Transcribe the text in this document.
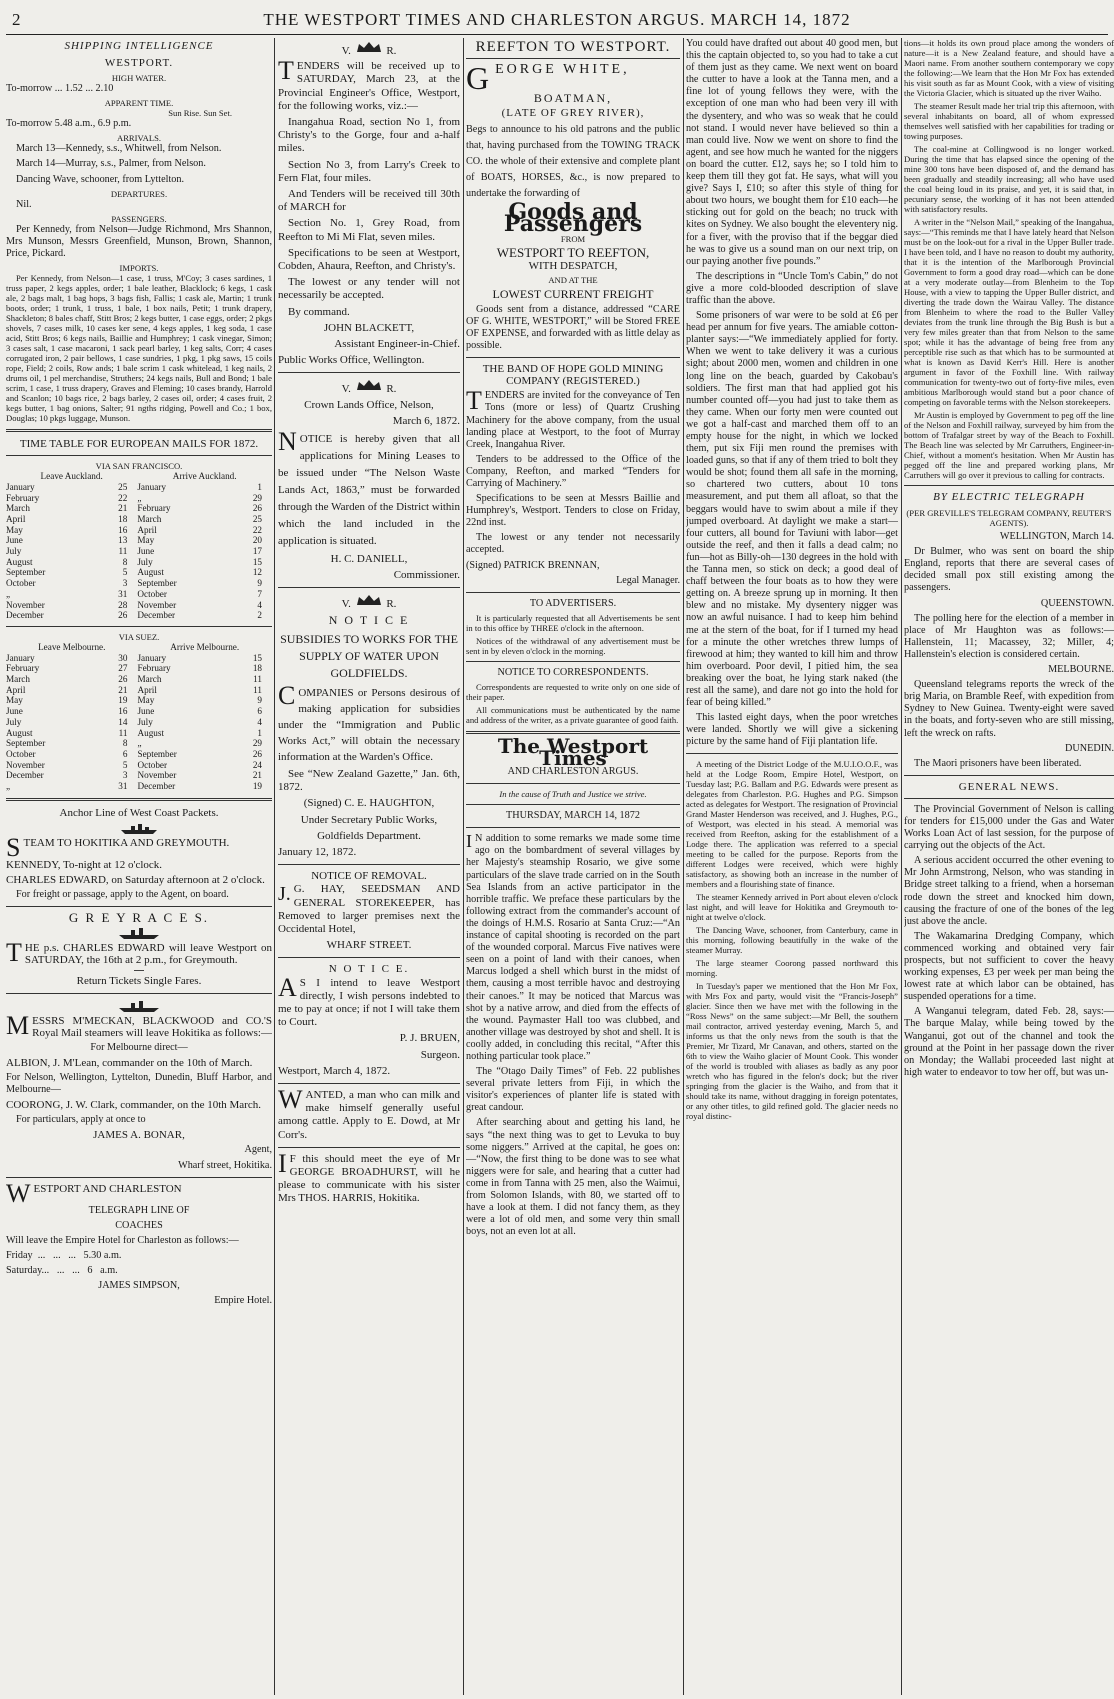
2	THE WESTPORT TIMES AND CHARLESTON ARGUS. MARCH 14, 1872
SHIPPING INTELLIGENCE
WESTPORT.
HIGH WATER.

To-morrow ... 1.52 ... 2.10

APPARENT TIME.
Sun Rise. Sun Set.

To-morrow 5.48 a.m., 6.9 p.m.

ARRIVALS.

March 13—Kennedy, s.s., Whitwell, from Nelson.

March 14—Murray, s.s., Palmer, from Nelson.

Dancing Wave, schooner, from Lyttelton.

DEPARTURES.

Nil.

PASSENGERS.

Per Kennedy, from Nelson—Judge Richmond, Mrs Shannon, Mrs Munson, Messrs Greenfield, Munson, Brown, Shannon, Price, Pickard.

IMPORTS.

Per Kennedy, from Nelson—1 case, 1 truss, M'Coy; 3 cases sardines, 1 truss paper, 2 kegs apples, order; 1 bale leather, Blacklock; 6 kegs, 1 cask ale, 2 bags malt, 1 bag hops, 3 bags fish, Fallis; 1 cask ale, Martin; 1 trunk boots, order; 1 trunk, 1 truss, 1 bale, 1 box nails, Petit; 1 trunk drapery, Shackleton; 8 bales chaff, Stitt Bros; 2 kegs butter, 1 case eggs, order; 2 pkgs shovels, 7 cases milk, 10 cases ker sene, 4 kegs apples, 1 keg soda, 1 case acid, Stitt Bros; 6 kegs nails, Baillie and Humphrey; 1 cask vinegar, Simon; 3 cases salt, 1 case macaroni, 1 sack pearl barley, 1 keg salts, Corr; 4 cases corrugated iron, 2 pair bellows, 1 case sundries, 1 pkg, 1 pkg saws, 15 coils rope, Field; 2 coils, Row ands; 1 bale scrim 1 cask whitelead, 1 keg nails, 2 drums oil, 1 pel merchandise, Struthers; 24 kegs nails, Bull and Bond; 1 bale scrim, 1 case, 1 truss drapery, Graves and Fleming; 10 cases brandy, Harrold and Scanlon; 10 bags rice, 2 bags barley, 2 cases oil, order; 4 cases fruit, 2 kegs butter, 1 bag onions, Salter; 91 ngths ridging, Powell and Co.; 1 box, Douglas; 10 pkgs luggage, Munson.

TIME TABLE FOR EUROPEAN MAILS FOR 1872.
VIA SAN FRANCISCO.
Leave Auckland.		Arrive Auckland.	
January	25	January	1
February	22	„	29
March	21	February	26
April	18	March	25
May	16	April	22
June	13	May	20
July	11	June	17
August	8	July	15
September	5	August	12
October	3	September	9
„	31	October	7
November	28	November	4
December	26	December	2
VIA SUEZ.
Leave Melbourne.		Arrive Melbourne.	
January	30	January	15
February	27	February	18
March	26	March	11
April	21	April	11
May	19	May	9
June	16	June	6
July	14	July	4
August	11	August	1
September	8	„	29
October	6	September	26
November	5	October	24
December	3	November	21
„	31	December	19
Anchor Line of West Coast Packets.

STEAM TO HOKITIKA AND GREYMOUTH.

KENNEDY, To-night at 12 o'clock.

CHARLES EDWARD, on Saturday afternoon at 2 o'clock.

For freight or passage, apply to the Agent, on board.

G R E Y R A C E S.

THE p.s. CHARLES EDWARD will leave Westport on SATURDAY, the 16th at 2 p.m., for Greymouth.

Return Tickets Single Fares.

MESSRS M'MECKAN, BLACKWOOD and CO.'S Royal Mail steamers will leave Hokitika as follows:—

For Melbourne direct—

ALBION, J. M'Lean, commander on the 10th of March.

For Nelson, Wellington, Lyttelton, Dunedin, Bluff Harbor, and Melbourne—

COORONG, J. W. Clark, commander, on the 10th March.

For particulars, apply at once to

JAMES A. BONAR,

Agent,

Wharf street, Hokitika.

WESTPORT AND CHARLESTON

TELEGRAPH LINE OF

COACHES

Will leave the Empire Hotel for Charleston as follows:—

Friday  ...   ...   ...   5.30 a.m.

Saturday...   ...   ...   6   a.m.

JAMES SIMPSON,

Empire Hotel.

V.	R.

TENDERS will be received up to SATURDAY, March 23, at the Provincial Engineer's Office, Westport, for the following works, viz.:—

Inangahua Road, section No 1, from Christy's to the Gorge, four and a-half miles.

Section No 3, from Larry's Creek to Fern Flat, four miles.

And Tenders will be received till 30th of MARCH for

Section No. 1, Grey Road, from Reefton to Mi Mi Flat, seven miles.

Specifications to be seen at Westport, Cobden, Ahaura, Reefton, and Christy's.

The lowest or any tender will not necessarily be accepted.

By command.

JOHN BLACKETT,

Assistant Engineer-in-Chief.

Public Works Office, Wellington.

V.	R.

Crown Lands Office, Nelson,

March 6, 1872.

NOTICE is hereby given that all applications for Mining Leases to be issued under “The Nelson Waste Lands Act, 1863,” must be forwarded through the Warden of the District within which the land included in the application is situated.

H. C. DANIELL,

Commissioner.

V.	R.
N O T I C E

SUBSIDIES TO WORKS FOR THE SUPPLY OF WATER UPON GOLDFIELDS.

COMPANIES or Persons desirous of making application for subsidies under the “Immigration and Public Works Act,” will obtain the necessary information at the Warden's Office.

See “New Zealand Gazette,” Jan. 6th, 1872.

(Signed) C. E. HAUGHTON,

Under Secretary Public Works,

Goldfields Department.

January 12, 1872.

NOTICE OF REMOVAL.

J. G. HAY, SEEDSMAN AND GENERAL STOREKEEPER, has Removed to larger premises next the Occidental Hotel,

WHARF STREET.
N O T I C E.

A S I intend to leave Westport directly, I wish persons indebted to me to pay at once; if not I will take them to Court.

P. J. BRUEN,

Surgeon.

Westport, March 4, 1872.

WANTED, a man who can milk and make himself generally useful among cattle. Apply to E. Dowd, at Mr Corr's.

I F this should meet the eye of Mr GEORGE BROADHURST, will he please to communicate with his sister Mrs THOS. HARRIS, Hokitika.

REEFTON TO WESTPORT.

GEORGE WHITE,

BOATMAN,

(LATE OF GREY RIVER),

Begs to announce to his old patrons and the public that, having purchased from the TOWING TRACK CO. the whole of their extensive and complete plant of BOATS, HORSES, &c., is now prepared to undertake the forwarding of

Goods and Passengers

FROM

WESTPORT TO REEFTON,

WITH DESPATCH,

AND AT THE

LOWEST CURRENT FREIGHT

Goods sent from a distance, addressed “CARE OF G. WHITE, WESTPORT,” will be Stored FREE OF EXPENSE, and forwarded with as little delay as possible.

THE BAND OF HOPE GOLD MINING COMPANY (REGISTERED.)

TENDERS are invited for the conveyance of Ten Tons (more or less) of Quartz Crushing Machinery for the above company, from the usual landing place at Westport, to the foot of Murray Creek, Inangahua River.

Tenders to be addressed to the Office of the Company, Reefton, and marked “Tenders for Carrying of Machinery.”

Specifications to be seen at Messrs Baillie and Humphrey's, Westport. Tenders to close on Friday, 22nd inst.

The lowest or any tender not necessarily accepted.

(Signed) PATRICK BRENNAN,

Legal Manager.

TO ADVERTISERS.

It is particularly requested that all Advertisements be sent in to this office by THREE o'clock in the afternoon.

Notices of the withdrawal of any advertisement must be sent in by eleven o'clock in the morning.

NOTICE TO CORRESPONDENTS.

Correspondents are requested to write only on one side of their paper.

All communications must be authenticated by the name and address of the writer, as a private guarantee of good faith.

The Westport Times

AND CHARLESTON ARGUS.

In the cause of Truth and Justice we strive.

THURSDAY, MARCH 14, 1872

I N addition to some remarks we made some time ago on the bombardment of several villages by her Majesty's steamship Rosario, we give some particulars of the slave trade carried on in the South Sea Islands from an active participator in the horrible traffic. We preface these particulars by the following extract from the commander's account of the doings of H.M.S. Rosario at Santa Cruz:—“An instance of capital shooting is recorded on the part of the wounded corporal. Marcus Five natives were seen on a point of land with their canoes, when Marcus lodged a shell which burst in the midst of them, causing a most terrible havoc and destroying their canoes.” It may be noticed that Marcus was shot by a native arrow, and died from the effects of the wound. Paymaster Hall too was clubbed, and another village was destroyed by shot and shell. It is coolly added, in concluding this recital, “After this nothing particular took place.”

The “Otago Daily Times” of Feb. 22 publishes several private letters from Fiji, in which the visitor's experiences of planter life is stated with great candour.

After searching about and getting his land, he says “the next thing was to get to Levuka to buy some niggers.” Arrived at the capital, he goes on:—“Now, the first thing to be done was to see what niggers were for sale, and hearing that a cutter had come in from Tanna with 25 men, also the Waimui, from Solomon Islands, with 80, we started off to have a look at them. I did not fancy them, as they were a lot of old men, and some very thin small boys, not an even lot at all.

You could have drafted out about 40 good men, but this the captain objected to, so you had to take a cut of them just as they came. We next went on board the cutter to have a look at the Tanna men, and a fine lot of young fellows they were, with the exception of one man who had been very ill with the dysentery, and who was so weak that he could not stand. I would never have believed so thin a man could live. Now we went on shore to find the agent, and see how much he wanted for the niggers on board the cutter. £12, says he; so I told him to keep them till they got fat. He says, what will you give? Says I, £10; so after this style of thing for about two hours, we bought them for £10 each—he sticking out for gold on the beach; no truck with kites on Sydney. We also bought the eleventery nig. for a fiver, with the proviso that if the beggar died he was to give us a sound man on our next trip, on our paying another five pounds.”

The descriptions in “Uncle Tom's Cabin,” do not give a more cold-blooded description of slave traffic than the above.

Some prisoners of war were to be sold at £6 per head per annum for five years. The amiable cotton-planter says:—“We immediately applied for forty. When we went to take delivery it was a curious sight; about 2000 men, women and children in one long line on the beach, guarded by Cakobau's soldiers. The first man that had applied got his number counted off—you had just to take them as they came. When our forty men were counted out we got a half-cast and marched them off to an empty house for the night, in which we locked them, put six Fiji men round the premises with loaded guns, so that if any of them tried to bolt they would be shot; found them all safe in the morning, so chartered two cutters, about 10 tons measurement, and put them all afloat, so that the beggars would have to swim about a mile if they jumped overboard. At daylight we make a start—four cutters, all bound for Taviuni with labor—get outside the reef, and then it falls a dead calm; no fun—hot as Billy-oh—130 degrees in the hold with the Tanna men, so stick on deck; a good deal of chaff between the four boats as to how they were getting on. A breeze sprung up in morning. It then blew and no mistake. My dysentery nigger was now an awful nuisance. I had to keep him behind me at the stern of the boat, for if I turned my head for a minute the other wretches threw lumps of firewood at him; they wanted to kill him and throw him overboard. Poor devil, I pitied him, the sea breaking over the boat, he lying stark naked (the rest all the same), and dare not go into the hold for fear of being killed.”

This lasted eight days, when the poor wretches were landed. Shortly we will give a sickening picture by the same hand of Fiji plantation life.

A meeting of the District Lodge of the M.U.I.O.O.F., was held at the Lodge Room, Empire Hotel, Westport, on Tuesday last; P.G. Ballam and P.G. Edwards were present as delegates from Charleston. P.G. Hughes and P.G. Simpson acted as delegates for Westport. The resignation of Provincial Grand Master Henderson was received, and J. Hughes, P.G., of Westport, was elected in his stead. A memorial was received from Reefton, asking for the establishment of a Lodge there. The application was referred to a special meeting to be called for the purpose. Reports from the different Lodges were received, which were highly satisfactory, as showing both an increase in the number of members and a flourishing state of finance.

The steamer Kennedy arrived in Port about eleven o'clock last night, and will leave for Hokitika and Greymouth to-night at twelve o'clock.

The Dancing Wave, schooner, from Canterbury, came in this morning, following beautifully in the wake of the steamer Murray.

The large steamer Coorong passed northward this morning.

In Tuesday's paper we mentioned that the Hon Mr Fox, with Mrs Fox and party, would visit the “Francis-Joseph” glacier. Since then we have met with the following in the “Ross News” on the same subject:—Mr Bell, the southern mail contractor, arrived yesterday evening, March 5, and informs us that the only news from the south is that the Premier, Mr Tizard, Mr Canavan, and others, started on the 6th to view the Waiho glacier of Mount Cook. This wonder of the world is troubled with aliases as badly as any poor wretch who has figured in the felon's dock; but the river springing from the glacier is the Waiho, and from that it should take its name, without dragging in foreign potentates, or any other titles, to gild refined gold. The glacier needs no royal distinc-

tions—it holds its own proud place among the wonders of nature—it is a New Zealand feature, and should have a Maori name. From another southern contemporary we copy the following:—We learn that the Hon Mr Fox has extended his visit south as far as Mount Cook, with a view of visiting the Victoria Glacier, which is situated up the river Waiho.

The steamer Result made her trial trip this afternoon, with several inhabitants on board, all of whom expressed themselves well satisfied with her capabilities for trading or towing purposes.

The coal-mine at Collingwood is no longer worked. During the time that has elapsed since the opening of the mine 300 tons have been disposed of, and the demand has been gradually and steadily increasing; all who have used the coal being loud in its praise, and yet, it is said that, in pecuniary sense, the working of it has not been attended with satisfactory results.

A writer in the “Nelson Mail,” speaking of the Inangahua, says:—“This reminds me that I have lately heard that Nelson must be on the look-out for a rival in the Upper Buller trade. I have been told, and I have no reason to doubt my authority, that it is the intention of the Marlborough Provincial Government to form a good dray road—which can be done at a very moderate outlay—from Blenheim to the Top House, with a view to tapping the Upper Buller district, and diverting the trade down the Wairau Valley. The distance from Blenheim to where the road to the Buller Valley deviates from the trunk line through the Big Bush is but a very few miles greater than that from Nelson to the same spot; while it has the advantage of being free from any perceptible rise such as that which has to be surmounted at what is known as David Kerr's Hill. Here is another argument in favor of the Foxhill line. With railway communication for twenty-two out of forty-five miles, even ambitious Marlborough would stand but a poor chance of competing on favorable terms with the Nelson storekeepers.

Mr Austin is employed by Government to peg off the line of the Nelson and Foxhill railway, surveyed by him from the bottom of Trafalgar street by way of the Beach to Foxhill. The Beach line was selected by Mr Carruthers, Engineer-in-Chief, without a moment's hesitation. When Mr Austin has pegged off the line and prepared working plans, Mr Carruthers will go over it previous to calling for contracts.

BY ELECTRIC TELEGRAPH

(PER GREVILLE'S TELEGRAM COMPANY, REUTER'S AGENTS).

WELLINGTON, March 14.

Dr Bulmer, who was sent on board the ship England, reports that there are several cases of decided small pox still existing among the passengers.

QUEENSTOWN.

The polling here for the election of a member in place of Mr Haughton was as follows:—Hallenstein, 11; Macassey, 32; Miller, 4; Hallenstein's election is considered certain.

MELBOURNE.

Queensland telegrams reports the wreck of the brig Maria, on Bramble Reef, with expedition from Sydney to New Guinea. Twenty-eight were saved in the boats, and forty-seven who are still missing, left the wreck on rafts.

DUNEDIN.

The Maori prisoners have been liberated.

GENERAL NEWS.

The Provincial Government of Nelson is calling for tenders for £15,000 under the Gas and Water Works Loan Act of last session, for the purpose of carrying out the objects of the Act.

A serious accident occurred the other evening to Mr John Armstrong, Nelson, who was standing in Bridge street talking to a friend, when a horseman rode down the street and knocked him down, causing the fracture of one of the bones of the leg just above the ancle.

The Wakamarina Dredging Company, which commenced working and obtained very fair prospects, but not sufficient to cover the heavy working expenses, £3 per week per man being the lowest rate at which labor can be obtained, has suspended operations for a time.

A Wanganui telegram, dated Feb. 28, says:—The barque Malay, while being towed by the Wanganui, got out of the channel and took the ground at the Point in her passage down the river on Monday; the Wallabi proceeded last night at high water to endeavor to tow her off, but was un-
